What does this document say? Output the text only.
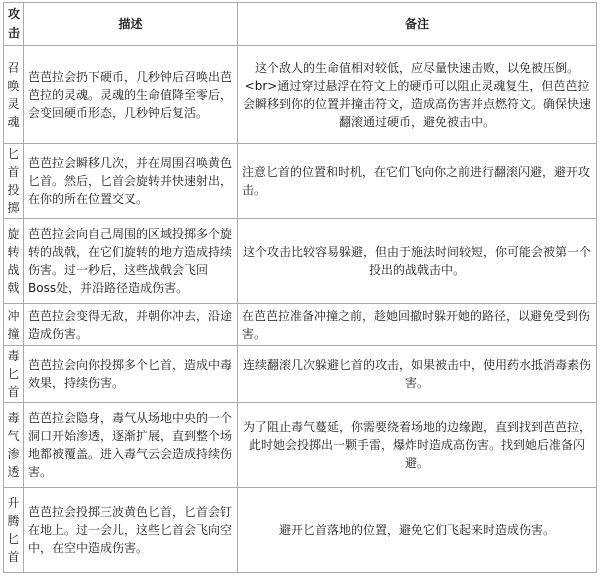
攻击	描述	备注
召唤灵魂	芭芭拉会扔下硬币，几秒钟后召唤出芭芭拉的灵魂。灵魂的生命值降至零后，会变回硬币形态，几秒钟后复活。	这个敌人的生命值相对较低，应尽量快速击败，以免被压倒。<br>通过穿过悬浮在符文上的硬币可以阻止灵魂复生，但芭芭拉会瞬移到你的位置并撞击符文，造成高伤害并点燃符文。确保快速翻滚通过硬币，避免被击中。
匕首投掷	芭芭拉会瞬移几次，并在周围召唤黄色匕首。然后，匕首会旋转并快速射出，在你的所在位置交叉。	注意匕首的位置和时机，在它们飞向你之前进行翻滚闪避，避开攻击。
旋转战戟	芭芭拉会向自己周围的区域投掷多个旋转的战戟，在它们旋转的地方造成持续伤害。过一秒后，这些战戟会飞回Boss处，并沿路径造成伤害。	这个攻击比较容易躲避，但由于施法时间较短，你可能会被第一个投出的战戟击中。
冲撞	芭芭拉会变得无敌，并朝你冲去，沿途造成伤害。	在芭芭拉准备冲撞之前，趁她回撤时躲开她的路径，以避免受到伤害。
毒匕首	芭芭拉会向你投掷多个匕首，造成中毒效果，持续伤害。	连续翻滚几次躲避匕首的攻击，如果被击中，使用药水抵消毒素伤害。
毒气渗透	芭芭拉会隐身，毒气从场地中央的一个洞口开始渗透，逐渐扩展，直到整个场地都被覆盖。进入毒气云会造成持续伤害。	为了阻止毒气蔓延，你需要绕着场地的边缘跑，直到找到芭芭拉，此时她会投掷出一颗手雷，爆炸时造成高伤害。找到她后准备闪避。
升腾匕首	芭芭拉会投掷三波黄色匕首，匕首会钉在地上。过一会儿，这些匕首会飞向空中，在空中造成伤害。	避开匕首落地的位置，避免它们飞起来时造成伤害。
